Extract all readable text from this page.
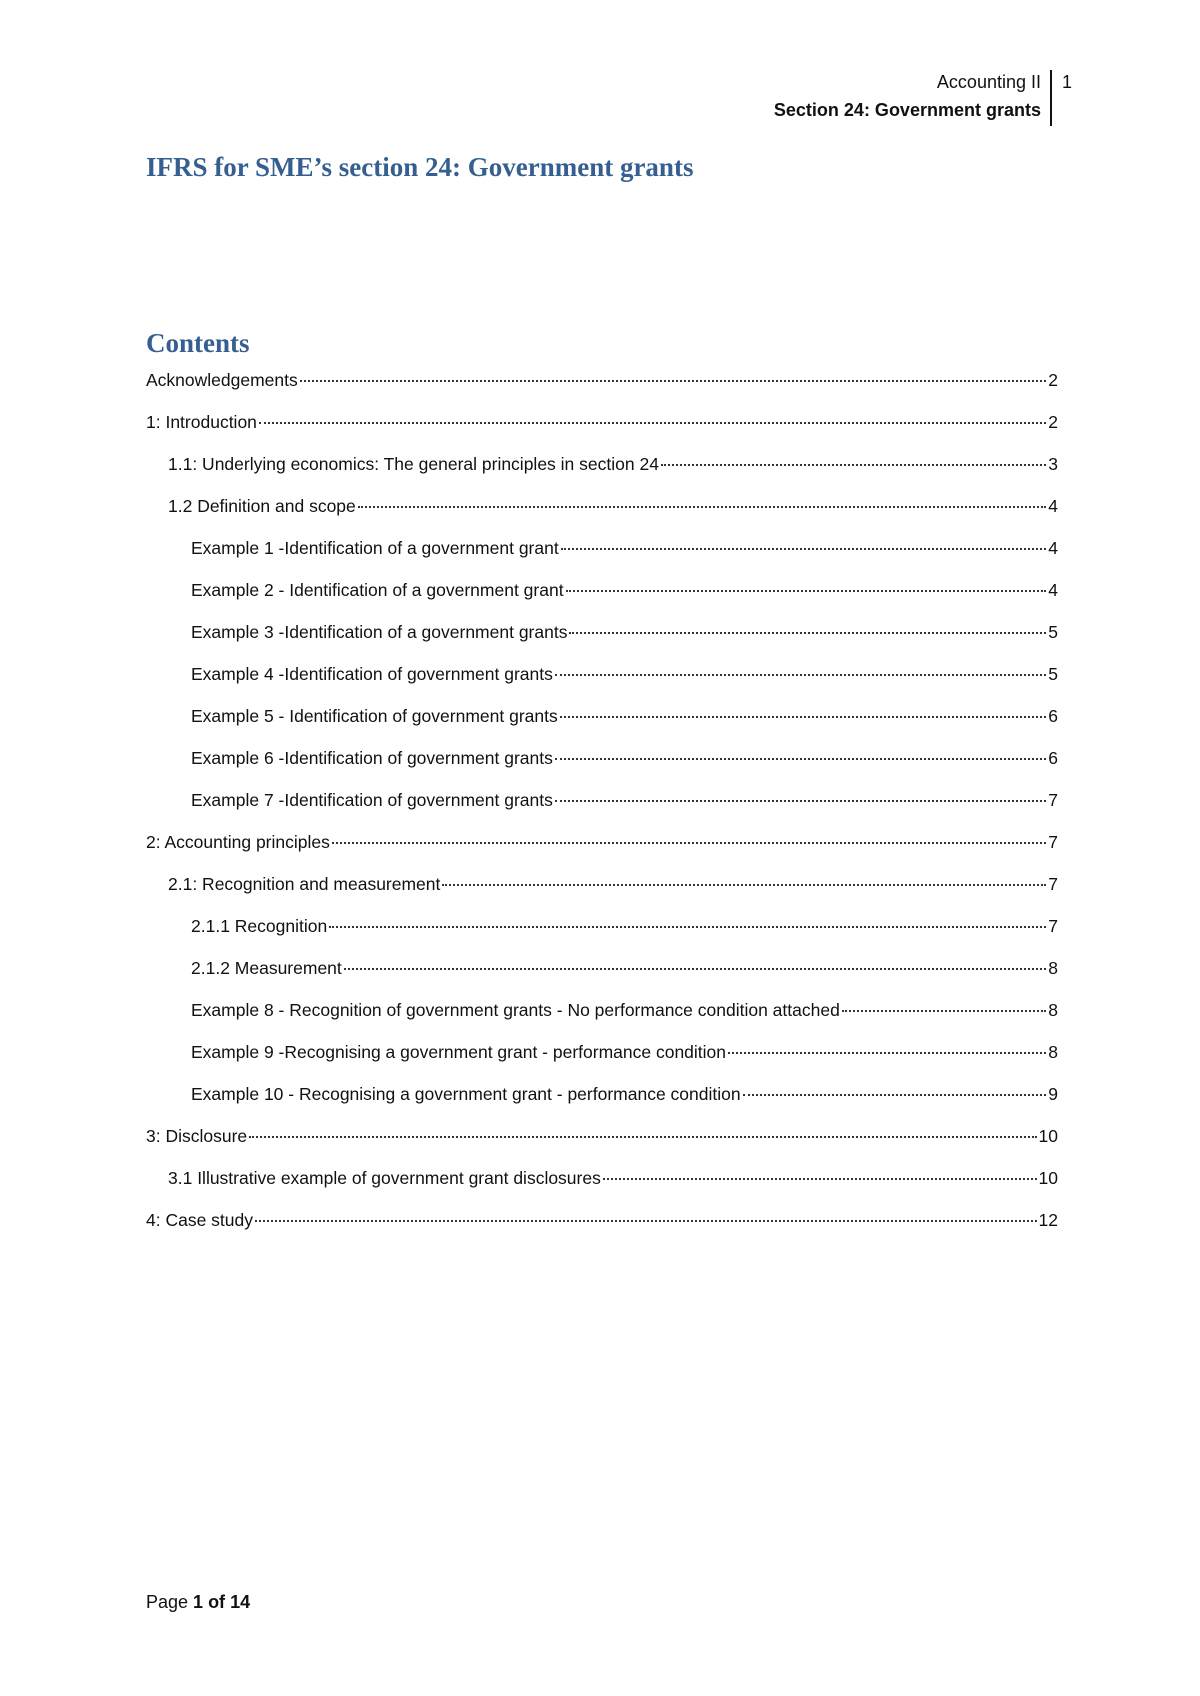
Accounting II
Section 24: Government grants
1
IFRS for SME’s section 24: Government grants
Contents
Acknowledgements	2
1: Introduction	2
1.1: Underlying economics: The general principles in section 24	3
1.2 Definition and scope	4
Example 1 -Identification of a government grant	4
Example 2 - Identification of a government grant	4
Example 3 -Identification of a government grants	5
Example 4 -Identification of government grants	5
Example 5 - Identification of government grants	6
Example 6 -Identification of government grants	6
Example 7 -Identification of government grants	7
2: Accounting principles	7
2.1: Recognition and measurement	7
2.1.1 Recognition	7
2.1.2 Measurement	8
Example 8 - Recognition of government grants - No performance condition attached	8
Example 9 -Recognising a government grant - performance condition	8
Example 10 - Recognising a government grant - performance condition	9
3: Disclosure	10
3.1 Illustrative example of government grant disclosures	10
4: Case study	12
Page 1 of 14
